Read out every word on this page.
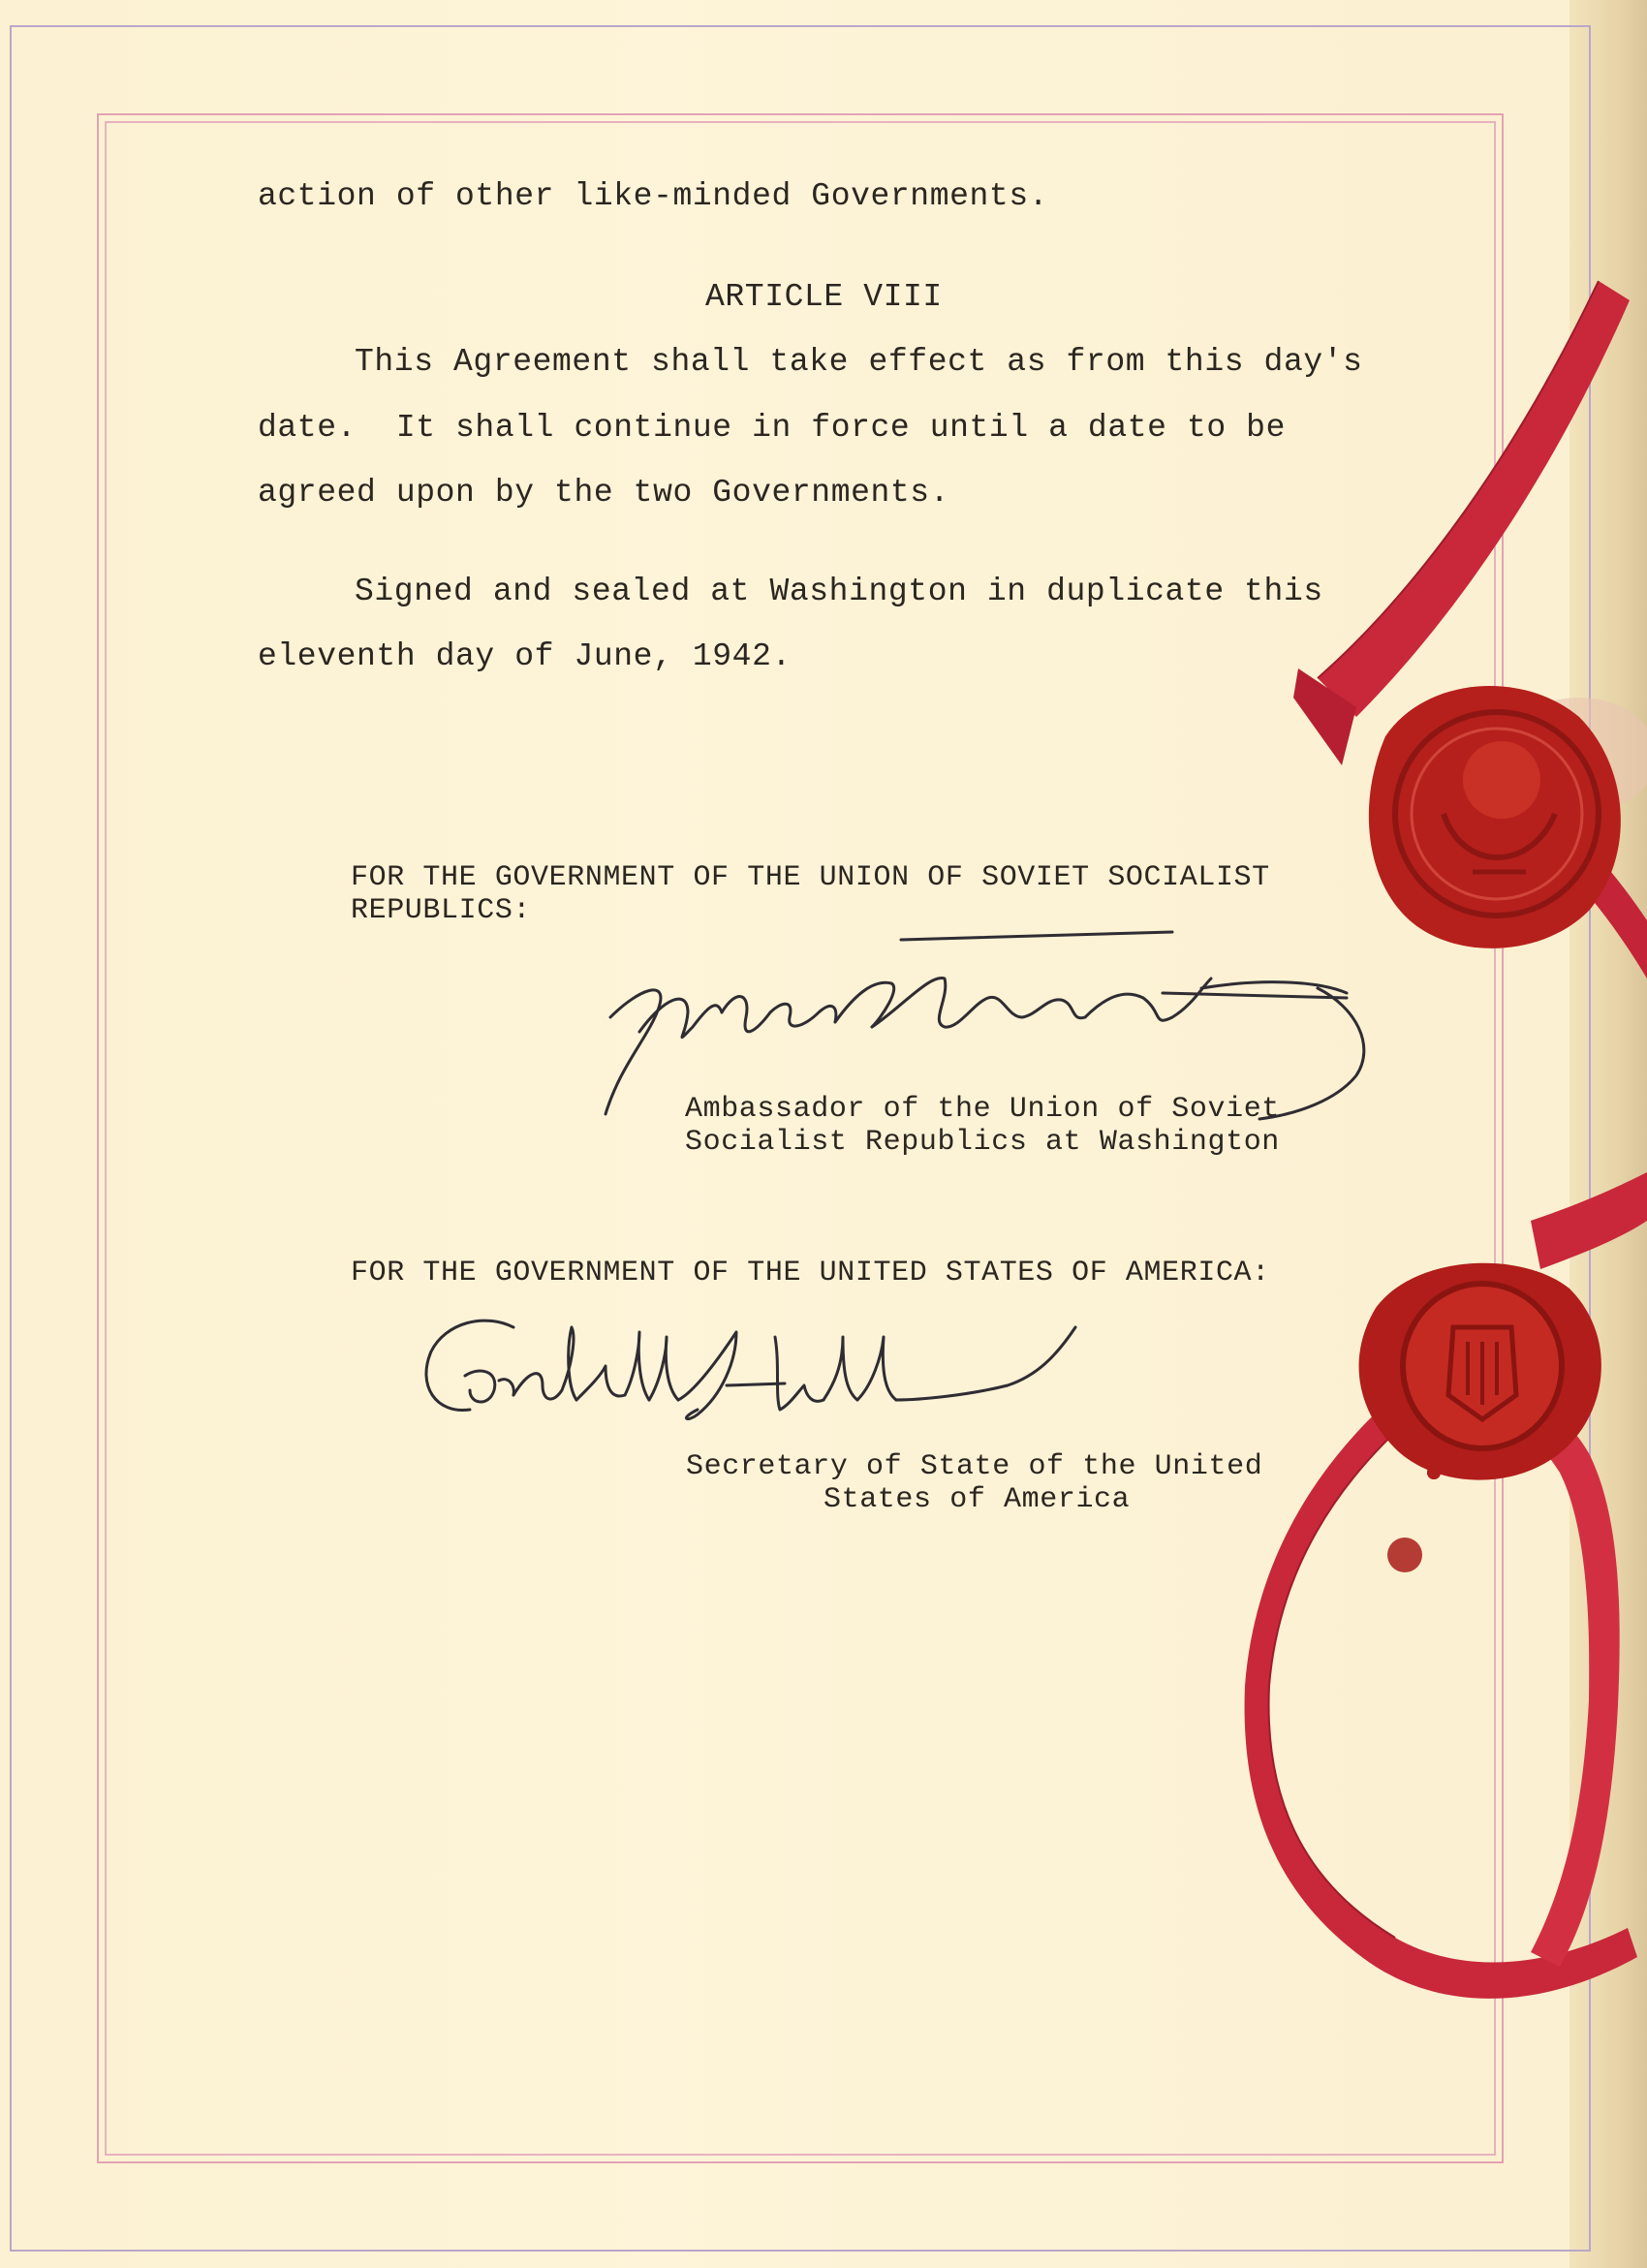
action of other like-minded Governments.
ARTICLE VIII
This Agreement shall take effect as from this day's
date.  It shall continue in force until a date to be
agreed upon by the two Governments.
Signed and sealed at Washington in duplicate this
eleventh day of June, 1942.
FOR THE GOVERNMENT OF THE UNION OF SOVIET SOCIALIST
REPUBLICS:
Ambassador of the Union of Soviet
Socialist Republics at Washington
FOR THE GOVERNMENT OF THE UNITED STATES OF AMERICA:
Secretary of State of the United
States of America
